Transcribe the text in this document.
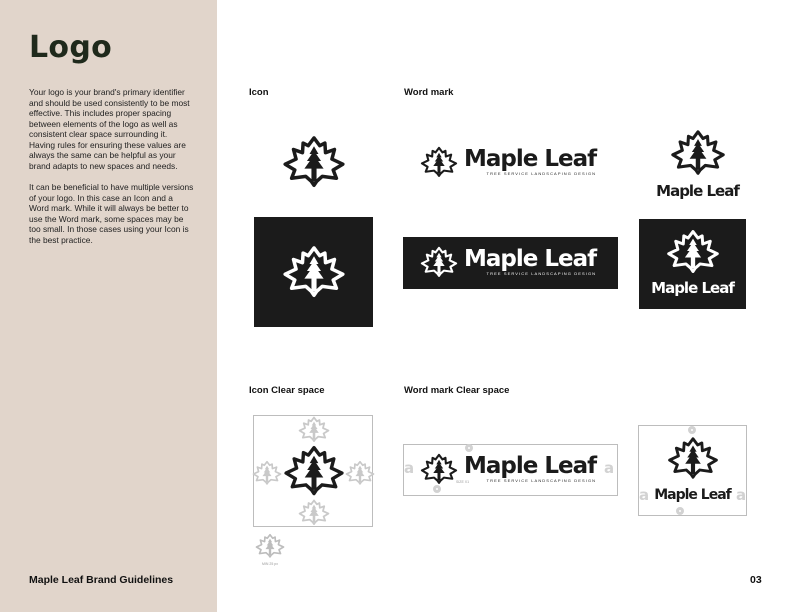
Logo

Your logo is your brand's primary identifier and should be used consistently to be most effective. This includes proper spacing between elements of the logo as well as consistent clear space surrounding it. Having rules for ensuring these values are always the same can be helpful as your brand adapts to new spaces and needs.

It can be beneficial to have multiple versions of your logo. In this case an Icon and a Word mark. While it will always be better to use the Word mark, some spaces may be too small. In those cases using your Icon is the best practice.

Maple Leaf Brand Guidelines	03
Icon	Word mark
Icon Clear space	Word mark Clear space
Maple Leaf
TREE SERVICE LANDSCAPING DESIGN
Maple Leaf
TREE SERVICE LANDSCAPING DESIGN
Maple Leaf
Maple Leaf
MIN 25 px
a	a
SIZE X1
Maple Leaf
TREE SERVICE LANDSCAPING DESIGN
a	a
Maple Leaf
